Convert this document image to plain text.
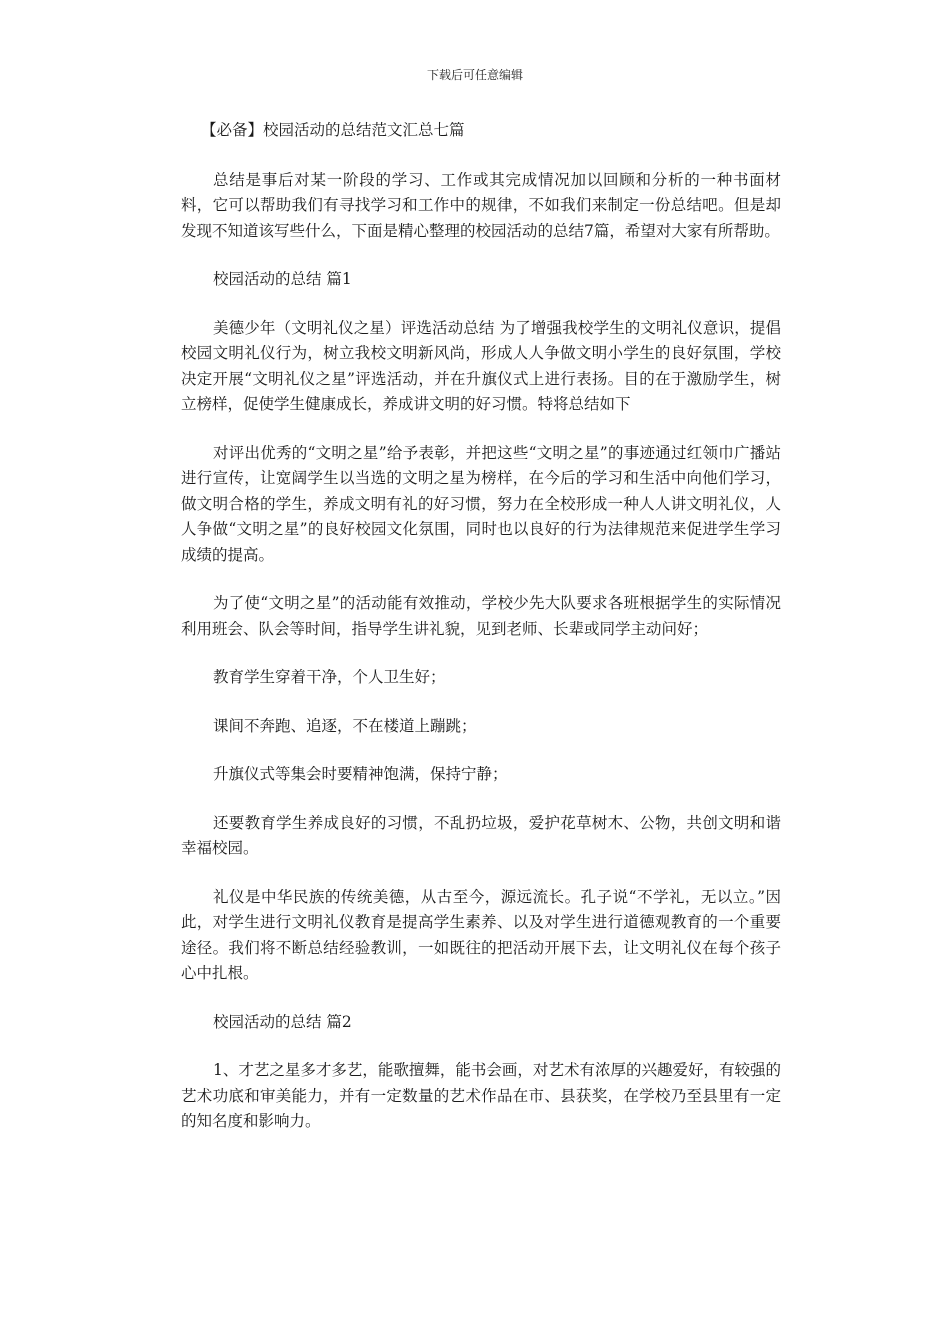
下载后可任意编辑
【必备】校园活动的总结范文汇总七篇

总结是事后对某一阶段的学习、工作或其完成情况加以回顾和分析的一种书面材料，它可以帮助我们有寻找学习和工作中的规律，不如我们来制定一份总结吧。但是却发现不知道该写些什么，下面是精心整理的校园活动的总结7篇，希望对大家有所帮助。

校园活动的总结 篇1

美德少年（文明礼仪之星）评选活动总结 为了增强我校学生的文明礼仪意识，提倡校园文明礼仪行为，树立我校文明新风尚，形成人人争做文明小学生的良好氛围，学校决定开展“文明礼仪之星”评选活动，并在升旗仪式上进行表扬。目的在于激励学生，树立榜样，促使学生健康成长，养成讲文明的好习惯。特将总结如下

对评出优秀的“文明之星”给予表彰，并把这些“文明之星”的事迹通过红领巾广播站进行宣传，让宽阔学生以当选的文明之星为榜样，在今后的学习和生活中向他们学习，做文明合格的学生，养成文明有礼的好习惯，努力在全校形成一种人人讲文明礼仪，人人争做“文明之星”的良好校园文化氛围，同时也以良好的行为法律规范来促进学生学习成绩的提高。

为了使“文明之星”的活动能有效推动，学校少先大队要求各班根据学生的实际情况利用班会、队会等时间，指导学生讲礼貌，见到老师、长辈或同学主动问好；

教育学生穿着干净，个人卫生好；

课间不奔跑、追逐，不在楼道上蹦跳；

升旗仪式等集会时要精神饱满，保持宁静；

还要教育学生养成良好的习惯，不乱扔垃圾，爱护花草树木、公物，共创文明和谐幸福校园。

礼仪是中华民族的传统美德，从古至今，源远流长。孔子说“不学礼，无以立。”因此，对学生进行文明礼仪教育是提高学生素养、以及对学生进行道德观教育的一个重要途径。我们将不断总结经验教训，一如既往的把活动开展下去，让文明礼仪在每个孩子心中扎根。

校园活动的总结 篇2

1、才艺之星多才多艺，能歌擅舞，能书会画，对艺术有浓厚的兴趣爱好，有较强的艺术功底和审美能力，并有一定数量的艺术作品在市、县获奖，在学校乃至县里有一定的知名度和影响力。
